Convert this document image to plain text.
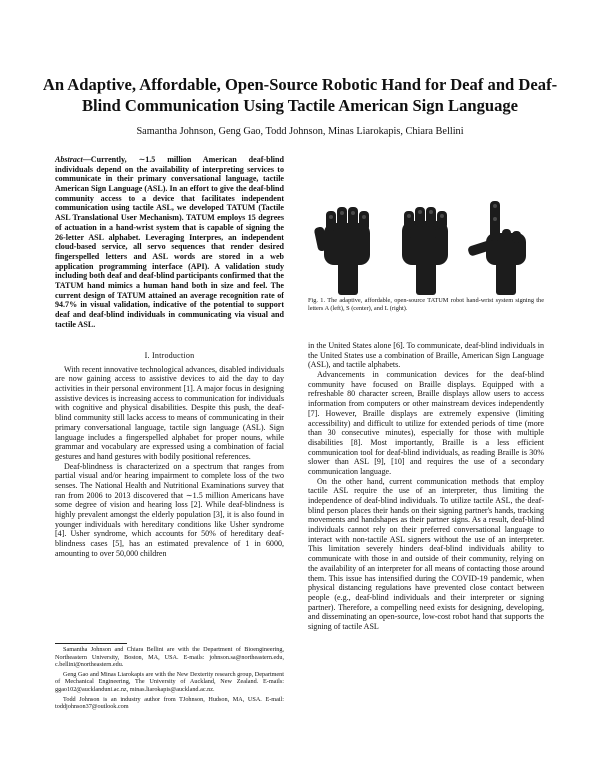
An Adaptive, Affordable, Open-Source Robotic Hand for Deaf and Deaf-Blind Communication Using Tactile American Sign Language

Samantha Johnson, Geng Gao, Todd Johnson, Minas Liarokapis, Chiara Bellini

Abstract—Currently, ∼1.5 million American deaf-blind individuals depend on the availability of interpreting services to communicate in their primary conversational language, tactile American Sign Language (ASL). In an effort to give the deaf-blind community access to a device that facilitates independent communication using tactile ASL, we developed TATUM (Tactile ASL Translational User Mechanism). TATUM employs 15 degrees of actuation in a hand-wrist system that is capable of signing the 26-letter ASL alphabet. Leveraging Interpres, an independent cloud-based service, all servo sequences that render desired fingerspelled letters and ASL words are stored in a web application programming interface (API). A validation study including both deaf and deaf-blind participants confirmed that the TATUM hand mimics a human hand both in size and feel. The current design of TATUM attained an average recognition rate of 94.7% in visual validation, indicative of the potential to support deaf and deaf-blind individuals in communicating via visual and tactile ASL.
I. Introduction

With recent innovative technological advances, disabled individuals are now gaining access to assistive devices to aid the day to day activities in their personal environment [1]. A major focus in designing assistive devices is increasing access to communication for individuals with cognitive and physical disabilities. Despite this push, the deaf-blind community still lacks access to means of communicating in their primary conversational language, tactile sign language (ASL). Sign language includes a fingerspelled alphabet for proper nouns, while grammar and vocabulary are expressed using a combination of facial gestures and hand gestures with bodily positional references.

Deaf-blindness is characterized on a spectrum that ranges from partial visual and/or hearing impairment to complete loss of the two senses. The National Health and Nutritional Examinations survey that ran from 2006 to 2013 discovered that ∼1.5 million Americans have some degree of vision and hearing loss [2]. While deaf-blindness is highly prevalent amongst the elderly population [3], it is also found in younger individuals with hereditary conditions like Usher syndrome [4]. Usher syndrome, which accounts for 50% of hereditary deaf-blindness cases [5], has an estimated prevalence of 1 in 6000, amounting to over 50,000 children

Samantha Johnson and Chiara Bellini are with the Department of Bioengineering, Northeastern University, Boston, MA, USA. E-mails: johnson.sa@northeastern.edu, c.bellini@northeastern.edu.

Geng Gao and Minas Liarokapis are with the New Dexterity research group, Department of Mechanical Engineering, The University of Auckland, New Zealand. E-mails: ggao102@aucklanduni.ac.nz, minas.liarokapis@auckland.ac.nz.

Todd Johnson is an industry author from TJohnson, Hudson, MA, USA. E-mail: toddjohnson37@outlook.com

Fig. 1. The adaptive, affordable, open-source TATUM robot hand-wrist system signing the letters A (left), S (center), and L (right).

in the United States alone [6]. To communicate, deaf-blind individuals in the United States use a combination of Braille, American Sign Language (ASL), and tactile alphabets.

Advancements in communication devices for the deaf-blind community have focused on Braille displays. Equipped with a refreshable 80 character screen, Braille displays allow users to access information from computers or other mainstream devices independently [7]. However, Braille displays are extremely expensive (limiting accessibility) and difficult to utilize for extended periods of time (more than 30 consecutive minutes), especially for those with multiple disabilities [8]. Most importantly, Braille is a less efficient communication tool for deaf-blind individuals, as reading Braille is 30% slower than ASL [9], [10] and requires the use of a secondary communication language.

On the other hand, current communication methods that employ tactile ASL require the use of an interpreter, thus limiting the independence of deaf-blind individuals. To utilize tactile ASL, the deaf-blind person places their hands on their signing partner's hands, tracking movements and handshapes as their partner signs. As a result, deaf-blind individuals cannot rely on their preferred conversational language to interact with non-tactile ASL signers without the use of an interpreter. This limitation severely hinders deaf-blind individuals ability to communicate with those in and outside of their community, relying on the availability of an interpreter for all means of contacting those around them. This issue has intensified during the COVID-19 pandemic, when physical distancing regulations have prevented close contact between people (e.g., deaf-blind individuals and their interpreter or signing partner). Therefore, a compelling need exists for designing, developing, and disseminating an open-source, low-cost robot hand that supports the signing of tactile ASL
